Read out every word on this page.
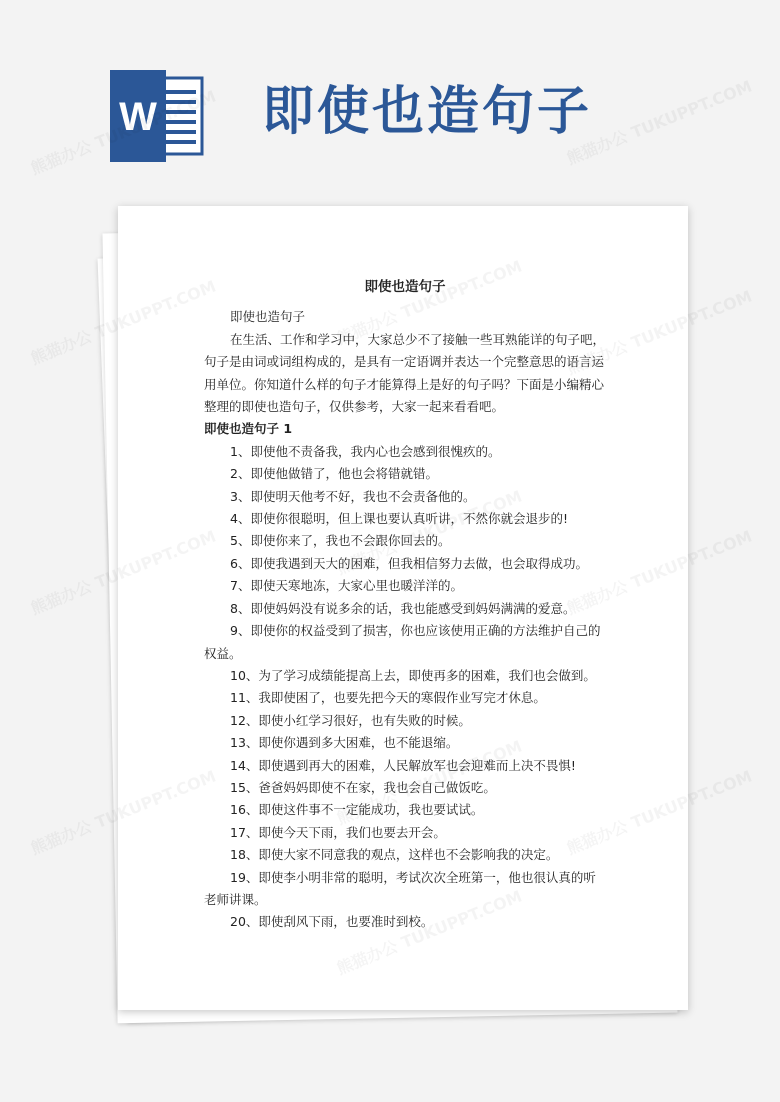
W 即使也造句子

即使也造句子

即使也造句子

在生活、工作和学习中，大家总少不了接触一些耳熟能详的句子吧，句子是由词或词组构成的，是具有一定语调并表达一个完整意思的语言运用单位。你知道什么样的句子才能算得上是好的句子吗？下面是小编精心整理的即使也造句子，仅供参考，大家一起来看看吧。

即使也造句子 1

1、即使他不责备我，我内心也会感到很愧疚的。

2、即使他做错了，他也会将错就错。

3、即使明天他考不好，我也不会责备他的。

4、即使你很聪明，但上课也要认真听讲，不然你就会退步的!

5、即使你来了，我也不会跟你回去的。

6、即使我遇到天大的困难，但我相信努力去做，也会取得成功。

7、即使天寒地冻，大家心里也暖洋洋的。

8、即使妈妈没有说多余的话，我也能感受到妈妈满满的爱意。

9、即使你的权益受到了损害，你也应该使用正确的方法维护自己的权益。

10、为了学习成绩能提高上去，即使再多的困难，我们也会做到。

11、我即使困了，也要先把今天的寒假作业写完才休息。

12、即使小红学习很好，也有失败的时候。

13、即使你遇到多大困难，也不能退缩。

14、即使遇到再大的困难，人民解放军也会迎难而上决不畏惧!

15、爸爸妈妈即使不在家，我也会自己做饭吃。

16、即使这件事不一定能成功，我也要试试。

17、即使今天下雨，我们也要去开会。

18、即使大家不同意我的观点，这样也不会影响我的决定。

19、即使李小明非常的聪明，考试次次全班第一，他也很认真的听老师讲课。

20、即使刮风下雨，也要准时到校。
